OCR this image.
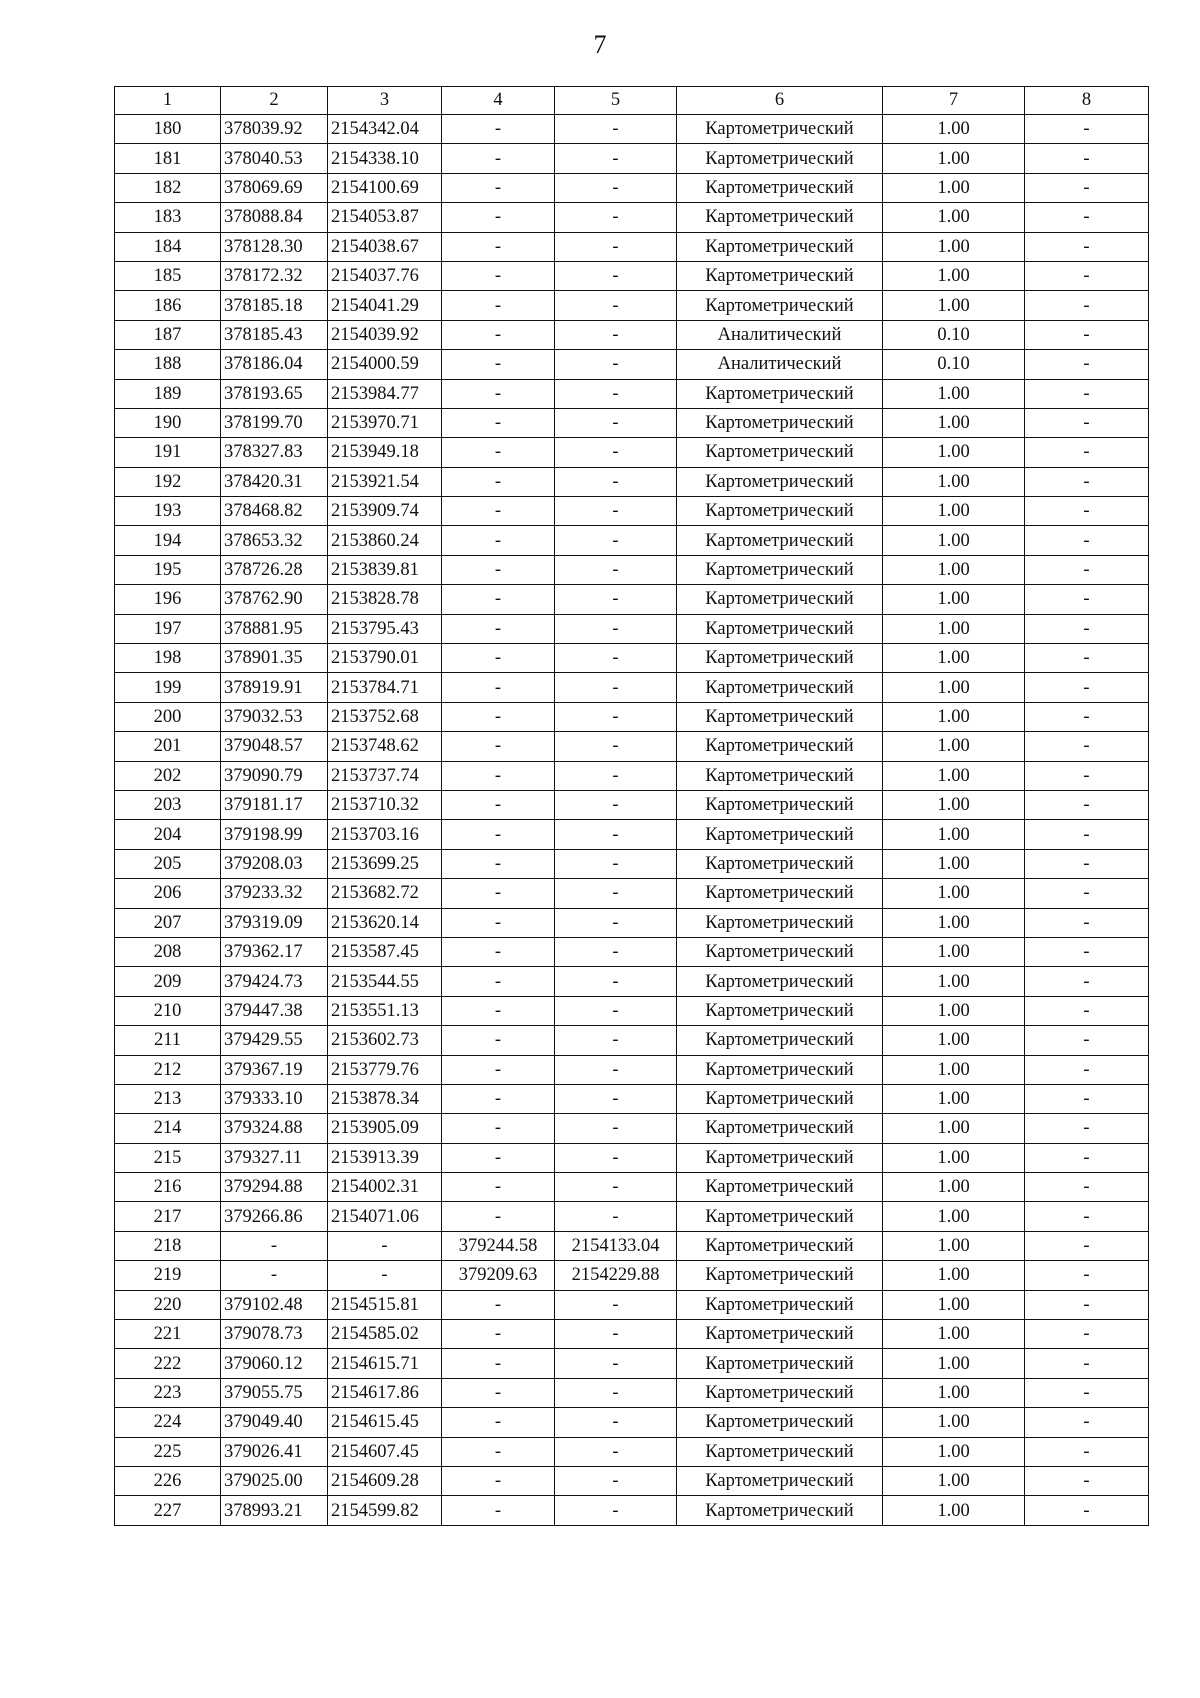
7
1	2	3	4	5	6	7	8
180	378039.92	2154342.04	-	-	Картометрический	1.00	-
181	378040.53	2154338.10	-	-	Картометрический	1.00	-
182	378069.69	2154100.69	-	-	Картометрический	1.00	-
183	378088.84	2154053.87	-	-	Картометрический	1.00	-
184	378128.30	2154038.67	-	-	Картометрический	1.00	-
185	378172.32	2154037.76	-	-	Картометрический	1.00	-
186	378185.18	2154041.29	-	-	Картометрический	1.00	-
187	378185.43	2154039.92	-	-	Аналитический	0.10	-
188	378186.04	2154000.59	-	-	Аналитический	0.10	-
189	378193.65	2153984.77	-	-	Картометрический	1.00	-
190	378199.70	2153970.71	-	-	Картометрический	1.00	-
191	378327.83	2153949.18	-	-	Картометрический	1.00	-
192	378420.31	2153921.54	-	-	Картометрический	1.00	-
193	378468.82	2153909.74	-	-	Картометрический	1.00	-
194	378653.32	2153860.24	-	-	Картометрический	1.00	-
195	378726.28	2153839.81	-	-	Картометрический	1.00	-
196	378762.90	2153828.78	-	-	Картометрический	1.00	-
197	378881.95	2153795.43	-	-	Картометрический	1.00	-
198	378901.35	2153790.01	-	-	Картометрический	1.00	-
199	378919.91	2153784.71	-	-	Картометрический	1.00	-
200	379032.53	2153752.68	-	-	Картометрический	1.00	-
201	379048.57	2153748.62	-	-	Картометрический	1.00	-
202	379090.79	2153737.74	-	-	Картометрический	1.00	-
203	379181.17	2153710.32	-	-	Картометрический	1.00	-
204	379198.99	2153703.16	-	-	Картометрический	1.00	-
205	379208.03	2153699.25	-	-	Картометрический	1.00	-
206	379233.32	2153682.72	-	-	Картометрический	1.00	-
207	379319.09	2153620.14	-	-	Картометрический	1.00	-
208	379362.17	2153587.45	-	-	Картометрический	1.00	-
209	379424.73	2153544.55	-	-	Картометрический	1.00	-
210	379447.38	2153551.13	-	-	Картометрический	1.00	-
211	379429.55	2153602.73	-	-	Картометрический	1.00	-
212	379367.19	2153779.76	-	-	Картометрический	1.00	-
213	379333.10	2153878.34	-	-	Картометрический	1.00	-
214	379324.88	2153905.09	-	-	Картометрический	1.00	-
215	379327.11	2153913.39	-	-	Картометрический	1.00	-
216	379294.88	2154002.31	-	-	Картометрический	1.00	-
217	379266.86	2154071.06	-	-	Картометрический	1.00	-
218	-	-	379244.58	2154133.04	Картометрический	1.00	-
219	-	-	379209.63	2154229.88	Картометрический	1.00	-
220	379102.48	2154515.81	-	-	Картометрический	1.00	-
221	379078.73	2154585.02	-	-	Картометрический	1.00	-
222	379060.12	2154615.71	-	-	Картометрический	1.00	-
223	379055.75	2154617.86	-	-	Картометрический	1.00	-
224	379049.40	2154615.45	-	-	Картометрический	1.00	-
225	379026.41	2154607.45	-	-	Картометрический	1.00	-
226	379025.00	2154609.28	-	-	Картометрический	1.00	-
227	378993.21	2154599.82	-	-	Картометрический	1.00	-
